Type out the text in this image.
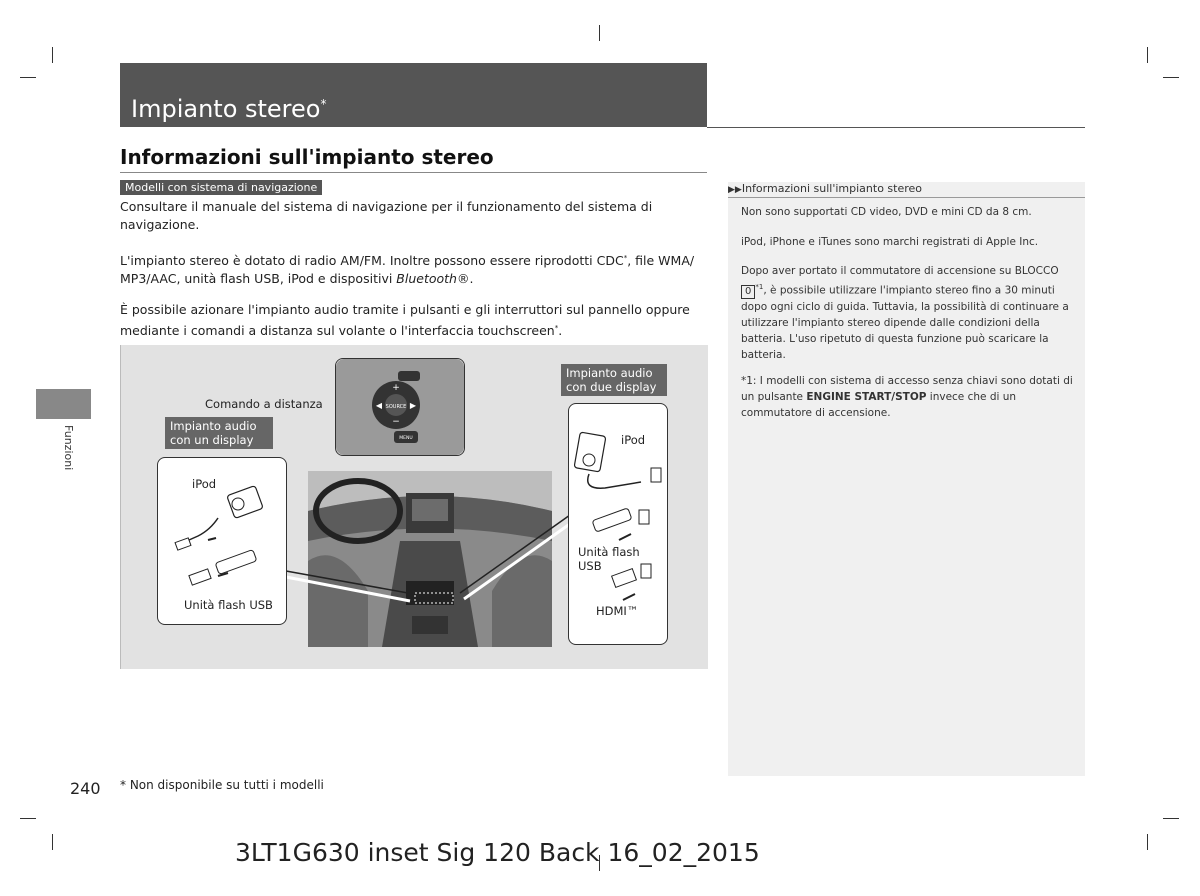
Impianto stereo*
Informazioni sull'impianto stereo
Modelli con sistema di navigazione
Consultare il manuale del sistema di navigazione per il funzionamento del sistema di navigazione.
L'impianto stereo è dotato di radio AM/FM. Inoltre possono essere riprodotti CDC*, file WMA/ MP3/AAC, unità flash USB, iPod e dispositivi Bluetooth®.
È possibile azionare l'impianto audio tramite i pulsanti e gli interruttori sul pannello oppure mediante i comandi a distanza sul volante o l'interfaccia touchscreen*.
Funzioni
▶▶Informazioni sull'impianto stereo
Non sono supportati CD video, DVD e mini CD da 8 cm.
iPod, iPhone e iTunes sono marchi registrati di Apple Inc.
Dopo aver portato il commutatore di accensione su BLOCCO 0 $^{*1}$, è possibile utilizzare l'impianto stereo fino a 30 minuti dopo ogni ciclo di guida. Tuttavia, la possibilità di continuare a utilizzare l'impianto stereo dipende dalle condizioni della batteria. L'uso ripetuto di questa funzione può scaricare la batteria.
*1: I modelli con sistema di accesso senza chiavi sono dotati di un pulsante ENGINE START/STOP invece che di un commutatore di accensione.
SOURCE
+
−
◀	▶
MENU
Comando a distanza
Impianto audio con un display
iPod
Unità flash USB
Impianto audio con due display
iPod
Unità flash USB
HDMI™
240 * Non disponibile su tutti i modelli
3LT1G630 inset Sig 120 Back 16_02_2015
